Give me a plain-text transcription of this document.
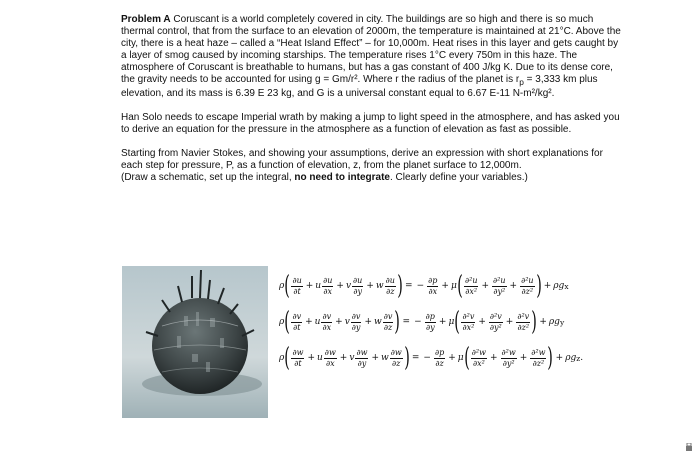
Problem A Coruscant is a world completely covered in city. The buildings are so high and there is so much thermal control, that from the surface to an elevation of 2000m, the temperature is maintained at 21°C. Above the city, there is a heat haze – called a “Heat Island Effect” – for 10,000m. Heat rises in this layer and gets caught by a layer of smog caused by incoming starships. The temperature rises 1°C every 750m in this haze. The atmosphere of Coruscant is breathable to humans, but has a gas constant of 400 J/kg K. Due to its dense core, the gravity needs to be accounted for using g = Gm/r². Where r the radius of the planet is $r_p = 3,333$ km plus elevation, and its mass is 6.39 E 23 kg, and G is a universal constant equal to 6.67 E-11 N-m²/kg².

Han Solo needs to escape Imperial wrath by making a jump to light speed in the atmosphere, and has asked you to derive an equation for the pressure in the atmosphere as a function of elevation as fast as possible.

Starting from Navier Stokes, and showing your assumptions, derive an expression with short explanations for each step for pressure, P, as a function of elevation, z, from the planet surface to 12,000m.

(Draw a schematic, set up the integral, no need to integrate. Clearly define your variables.)

ρ ( $\frac{\partial u}{\partial t} + u \frac{\partial u}{\partial x} + v \frac{\partial u}{\partial y} + w \frac{\partial u}{\partial z}$ ) = − $\frac{\partial p}{\partial x} + \mu$ ( $\frac{\text{∂²u}}{\text{∂x²}} + \frac{\text{∂²u}}{\text{∂y²}} + \frac{\text{∂²u}}{\text{∂z²}}$ ) + ρg x
ρ ( $\frac{\partial v}{\partial t} + u \frac{\partial v}{\partial x} + v \frac{\partial v}{\partial y} + w \frac{\partial v}{\partial z}$ ) = − $\frac{\partial p}{\partial y} + \mu$ ( $\frac{\text{∂²v}}{\text{∂x²}} + \frac{\text{∂²v}}{\text{∂y²}} + \frac{\text{∂²v}}{\text{∂z²}}$ ) + ρg y
ρ ( $\frac{\partial w}{\partial t} + u \frac{\partial w}{\partial x} + v \frac{\partial w}{\partial y} + w \frac{\partial w}{\partial z}$ ) = − $\frac{\partial p}{\partial z} + \mu$ ( $\frac{\text{∂²w}}{\text{∂x²}} + \frac{\text{∂²w}}{\text{∂y²}} + \frac{\text{∂²w}}{\text{∂z²}}$ ) + ρg z .
